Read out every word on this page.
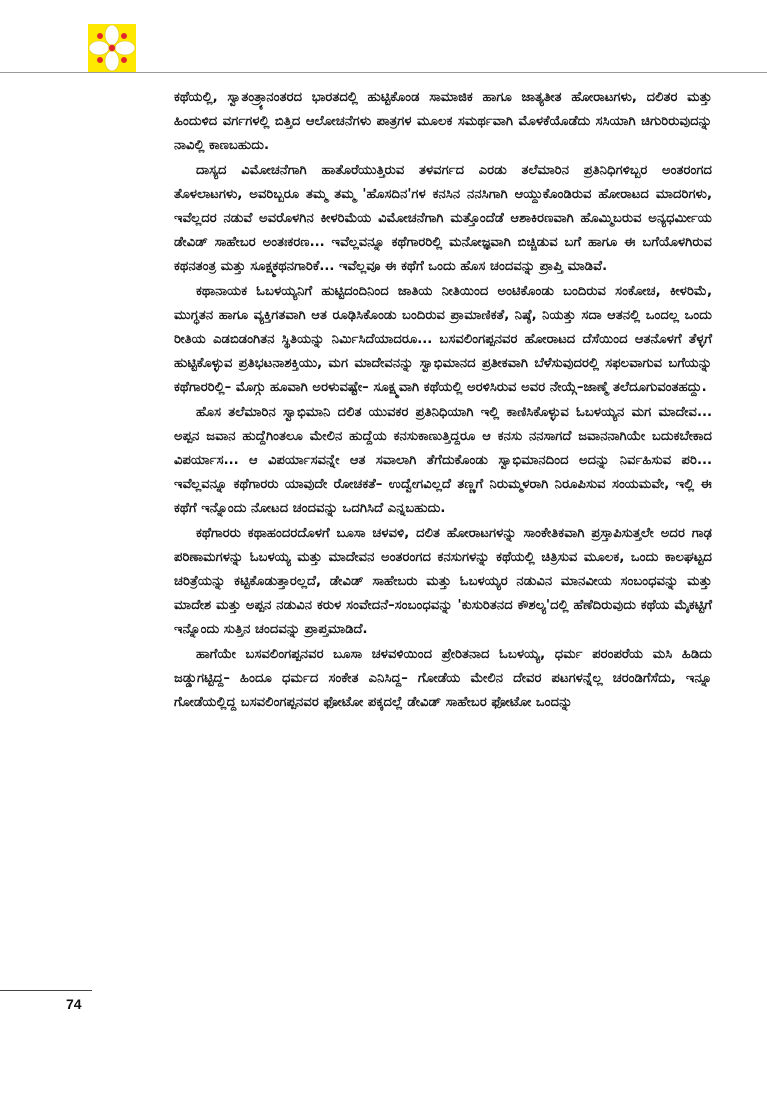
ಕಥೆಯಲ್ಲಿ, ಸ್ವಾತಂತ್ರ್ಯಾನಂತರದ ಭಾರತದಲ್ಲಿ ಹುಟ್ಟಿಕೊಂಡ ಸಾಮಾಜಿಕ ಹಾಗೂ ಜಾತ್ಯತೀತ ಹೋರಾಟಗಳು, ದಲಿತರ ಮತ್ತು ಹಿಂದುಳಿದ ವರ್ಗಗಳಲ್ಲಿ ಬಿತ್ತಿದ ಆಲೋಚನೆಗಳು ಪಾತ್ರಗಳ ಮೂಲಕ ಸಮರ್ಥವಾಗಿ ಮೊಳಕೆಯೊಡೆದು ಸಸಿಯಾಗಿ ಚಿಗುರಿರುವುದನ್ನು ನಾವಿಲ್ಲಿ ಕಾಣಬಹುದು.

ದಾಸ್ಯದ ವಿಮೋಚನೆಗಾಗಿ ಹಾತೊರೆಯುತ್ತಿರುವ ತಳವರ್ಗದ ಎರಡು ತಲೆಮಾರಿನ ಪ್ರತಿನಿಧಿಗಳಿಬ್ಬರ ಅಂತರಂಗದ ತೊಳಲಾಟಗಳು, ಅವರಿಬ್ಬರೂ ತಮ್ಮ ತಮ್ಮ 'ಹೊಸದಿನ'ಗಳ ಕನಸಿನ ನನಸಿಗಾಗಿ ಆಯ್ದುಕೊಂಡಿರುವ ಹೋರಾಟದ ಮಾದರಿಗಳು, ಇವೆಲ್ಲದರ ನಡುವೆ ಅವರೊಳಗಿನ ಕೀಳರಿಮೆಯ ವಿಮೋಚನೆಗಾಗಿ ಮತ್ತೊಂದೆಡೆ ಆಶಾಕಿರಣವಾಗಿ ಹೊಮ್ಮಿಬರುವ ಅನ್ಯಧರ್ಮೀಯ ಡೇವಿಡ್ ಸಾಹೇಬರ ಅಂತಃಕರಣ... ಇವೆಲ್ಲವನ್ನೂ ಕಥೆಗಾರರಿಲ್ಲಿ ಮನೋಜ್ಞವಾಗಿ ಬಿಚ್ಚಿಡುವ ಬಗೆ ಹಾಗೂ ಈ ಬಗೆಯೊಳಗಿರುವ ಕಥನತಂತ್ರ ಮತ್ತು ಸೂಕ್ಷ್ಮಕಥನಗಾರಿಕೆ... ಇವೆಲ್ಲವೂ ಈ ಕಥೆಗೆ ಒಂದು ಹೊಸ ಚಂದವನ್ನು ಪ್ರಾಪ್ತಿ ಮಾಡಿವೆ.

ಕಥಾನಾಯಕ ಓಬಳಯ್ಯನಿಗೆ ಹುಟ್ಟಿದಂದಿನಿಂದ ಜಾತಿಯ ನೀತಿಯಿಂದ ಅಂಟಿಕೊಂಡು ಬಂದಿರುವ ಸಂಕೋಚ, ಕೀಳರಿಮೆ, ಮುಗ್ಧತನ ಹಾಗೂ ವ್ಯಕ್ತಿಗತವಾಗಿ ಆತ ರೂಢಿಸಿಕೊಂಡು ಬಂದಿರುವ ಪ್ರಾಮಾಣಿಕತೆ, ನಿಷ್ಠೆ, ನಿಯತ್ತು ಸದಾ ಆತನಲ್ಲಿ ಒಂದಲ್ಲ ಒಂದು ರೀತಿಯ ಎಡಬಿಡಂಗಿತನ ಸ್ಥಿತಿಯನ್ನು ನಿರ್ಮಿಸಿದೆಯಾದರೂ... ಬಸವಲಿಂಗಪ್ಪನವರ ಹೋರಾಟದ ದೆಸೆಯಿಂದ ಆತನೊಳಗೆ ತೆಳ್ಳಗೆ ಹುಟ್ಟಿಕೊಳ್ಳುವ ಪ್ರತಿಭಟನಾಶಕ್ತಿಯು, ಮಗ ಮಾದೇವನನ್ನು ಸ್ವಾಭಿಮಾನದ ಪ್ರತೀಕವಾಗಿ ಬೆಳೆಸುವುದರಲ್ಲಿ ಸಫಲವಾಗುವ ಬಗೆಯನ್ನು ಕಥೆಗಾರರಿಲ್ಲಿ– ಮೊಗ್ಗು ಹೂವಾಗಿ ಅರಳುವಷ್ಟೇ– ಸೂಕ್ಷ್ಮವಾಗಿ ಕಥೆಯಲ್ಲಿ ಅರಳಿಸಿರುವ ಅವರ ನೇಯ್ಗೆ–ಜಾಣ್ಮೆ ತಲೆದೂಗುವಂತಹದ್ದು.

ಹೊಸ ತಲೆಮಾರಿನ ಸ್ವಾಭಿಮಾನಿ ದಲಿತ ಯುವಕರ ಪ್ರತಿನಿಧಿಯಾಗಿ ಇಲ್ಲಿ ಕಾಣಿಸಿಕೊಳ್ಳುವ ಓಬಳಯ್ಯನ ಮಗ ಮಾದೇವ... ಅಪ್ಪನ ಜವಾನ ಹುದ್ದೆಗಿಂತಲೂ ಮೇಲಿನ ಹುದ್ದೆಯ ಕನಸುಕಾಣುತ್ತಿದ್ದರೂ ಆ ಕನಸು ನನಸಾಗದೆ ಜವಾನನಾಗಿಯೇ ಬದುಕಬೇಕಾದ ವಿಪರ್ಯಾಸ... ಆ ವಿಪರ್ಯಾಸವನ್ನೇ ಆತ ಸವಾಲಾಗಿ ತೆಗೆದುಕೊಂಡು ಸ್ವಾಭಿಮಾನದಿಂದ ಅದನ್ನು ನಿರ್ವಹಿಸುವ ಪರಿ... ಇವೆಲ್ಲವನ್ನೂ ಕಥೆಗಾರರು ಯಾವುದೇ ರೋಚಕತೆ– ಉದ್ವೇಗವಿಲ್ಲದೆ ತಣ್ಣಗೆ ನಿರುಮ್ಮಳರಾಗಿ ನಿರೂಪಿಸುವ ಸಂಯಮವೇ, ಇಲ್ಲಿ ಈ ಕಥೆಗೆ ಇನ್ನೊಂದು ನೋಟದ ಚಂದವನ್ನು ಒದಗಿಸಿದೆ ಎನ್ನಬಹುದು.

ಕಥೆಗಾರರು ಕಥಾಹಂದರದೊಳಗೆ ಬೂಸಾ ಚಳವಳಿ, ದಲಿತ ಹೋರಾಟಗಳನ್ನು ಸಾಂಕೇತಿಕವಾಗಿ ಪ್ರಸ್ತಾಪಿಸುತ್ತಲೇ ಅದರ ಗಾಢ ಪರಿಣಾಮಗಳನ್ನು ಓಬಳಯ್ಯ ಮತ್ತು ಮಾದೇವನ ಅಂತರಂಗದ ಕನಸುಗಳನ್ನು ಕಥೆಯಲ್ಲಿ ಚಿತ್ರಿಸುವ ಮೂಲಕ, ಒಂದು ಕಾಲಘಟ್ಟದ ಚರಿತ್ರೆಯನ್ನು ಕಟ್ಟಿಕೊಡುತ್ತಾರಲ್ಲದೆ, ಡೇವಿಡ್ ಸಾಹೇಬರು ಮತ್ತು ಓಬಳಯ್ಯರ ನಡುವಿನ ಮಾನವೀಯ ಸಂಬಂಧವನ್ನು ಮತ್ತು ಮಾದೇಶ ಮತ್ತು ಅಪ್ಪನ ನಡುವಿನ ಕರುಳ ಸಂವೇದನೆ–ಸಂಬಂಧವನ್ನು 'ಕುಸುರಿತನದ ಕೌಶಲ್ಯ'ದಲ್ಲಿ ಹೆಣೆದಿರುವುದು ಕಥೆಯ ಮೈಕಟ್ಟಿಗೆ ಇನ್ನೊಂದು ಸುತ್ತಿನ ಚಂದವನ್ನು ಪ್ರಾಪ್ತಮಾಡಿದೆ.

ಹಾಗೆಯೇ ಬಸವಲಿಂಗಪ್ಪನವರ ಬೂಸಾ ಚಳವಳಿಯಿಂದ ಪ್ರೇರಿತನಾದ ಓಬಳಯ್ಯ, ಧರ್ಮ ಪರಂಪರೆಯ ಮಸಿ ಹಿಡಿದು ಜಡ್ಡುಗಟ್ಟಿದ್ದ– ಹಿಂದೂ ಧರ್ಮದ ಸಂಕೇತ ಎನಿಸಿದ್ದ– ಗೋಡೆಯ ಮೇಲಿನ ದೇವರ ಪಟಗಳನ್ನೆಲ್ಲ ಚರಂಡಿಗೆಸೆದು, ಇನ್ನೂ ಗೋಡೆಯಲ್ಲಿದ್ದ ಬಸವಲಿಂಗಪ್ಪನವರ ಫೋಟೋ ಪಕ್ಕದಲ್ಲೆ ಡೇವಿಡ್ ಸಾಹೇಬರ ಫೋಟೋ ಒಂದನ್ನು

74
